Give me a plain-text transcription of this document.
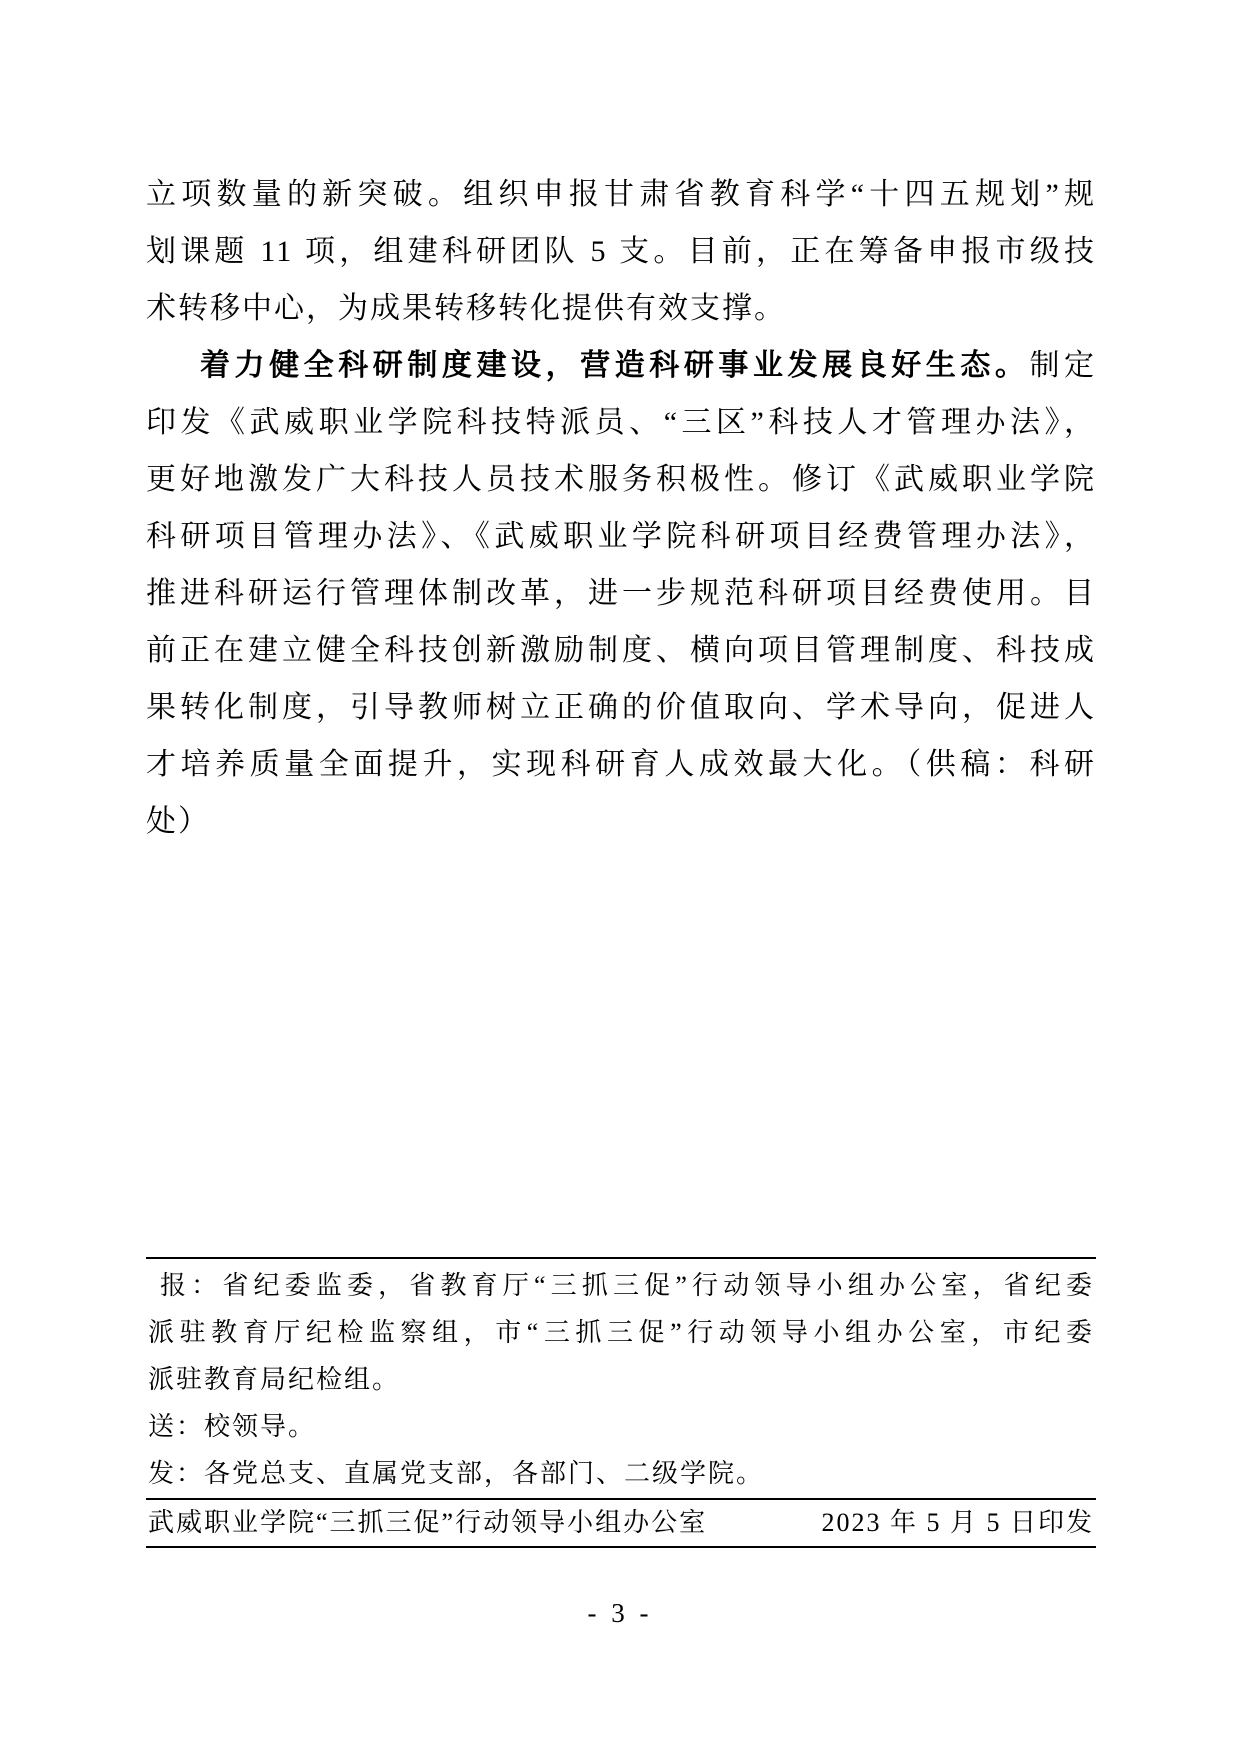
立项数量的新突破。组织申报甘肃省教育科学“十四五规划”规
划课题 11 项，组建科研团队 5 支。目前，正在筹备申报市级技
术转移中心，为成果转移转化提供有效支撑。
着力健全科研制度建设，营造科研事业发展良好生态。制定
印发《武威职业学院科技特派员、“三区”科技人才管理办法》，
更好地激发广大科技人员技术服务积极性。修订《武威职业学院
科研项目管理办法》、《武威职业学院科研项目经费管理办法》，
推进科研运行管理体制改革，进一步规范科研项目经费使用。目
前正在建立健全科技创新激励制度、横向项目管理制度、科技成
果转化制度，引导教师树立正确的价值取向、学术导向，促进人
才培养质量全面提升，实现科研育人成效最大化。（供稿：科研
处）
报：省纪委监委，省教育厅“三抓三促”行动领导小组办公室，省纪委
派驻教育厅纪检监察组，市“三抓三促”行动领导小组办公室，市纪委
派驻教育局纪检组。
送：校领导。
发：各党总支、直属党支部，各部门、二级学院。
武威职业学院“三抓三促”行动领导小组办公室	2023 年 5 月 5 日印发
- 3 -
